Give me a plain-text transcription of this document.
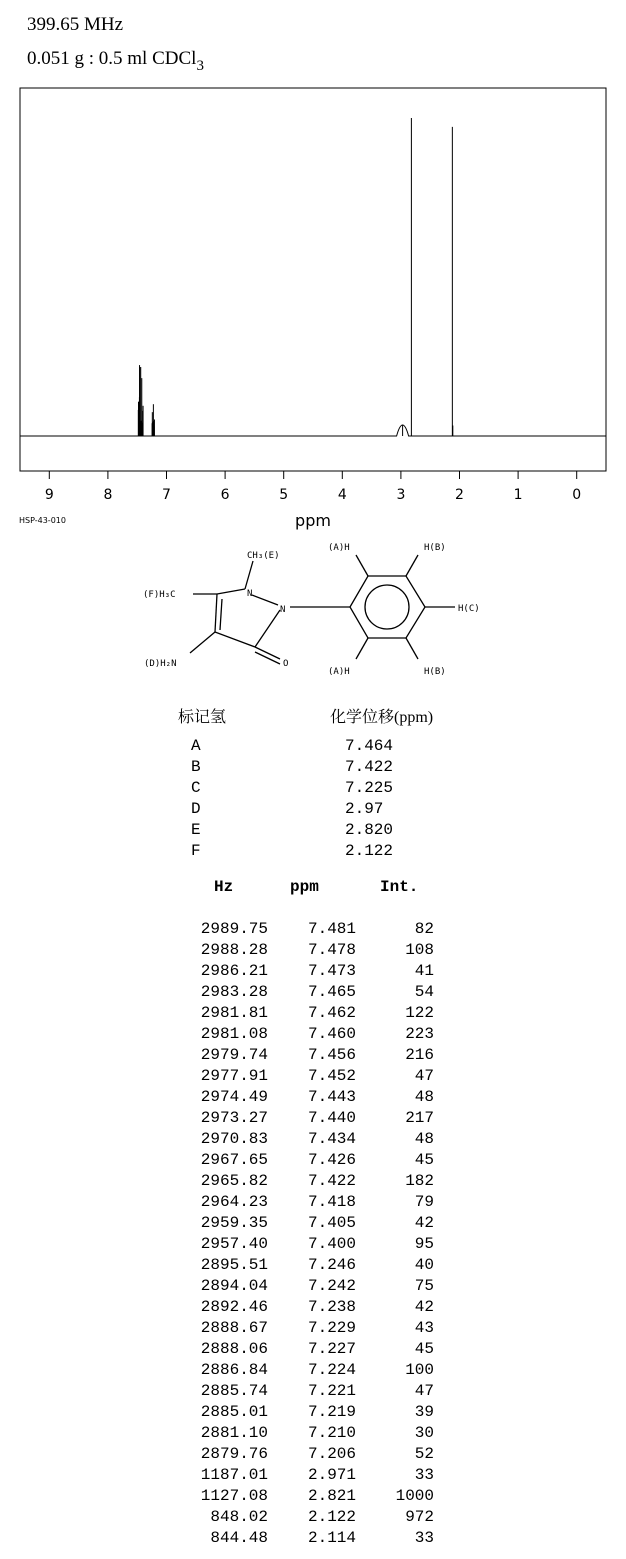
399.65 MHz
0.051 g : 0.5 ml CDCl$_3$
9	8	7	6	5	4	3	2	1	0
ppm
HSP-43-010
CH₃(E)
(F)H₃C
(D)H₂N
N
N
O
(A)H
(A)H
H(B)
H(B)
H(C)
标记氢	化学位移(ppm)
A	7.464
B	7.422
C	7.225
D	2.97
E	2.820
F	2.122
Hz	ppm	Int.
2989.75 7.481	82
2988.28 7.478	108
2986.21 7.473	41
2983.28 7.465	54
2981.81 7.462	122
2981.08 7.460	223
2979.74 7.456	216
2977.91 7.452	47
2974.49 7.443	48
2973.27 7.440	217
2970.83 7.434	48
2967.65 7.426	45
2965.82 7.422	182
2964.23 7.418	79
2959.35 7.405	42
2957.40 7.400	95
2895.51 7.246	40
2894.04 7.242	75
2892.46 7.238	42
2888.67 7.229	43
2888.06 7.227	45
2886.84 7.224	100
2885.74 7.221	47
2885.01 7.219	39
2881.10 7.210	30
2879.76 7.206	52
1187.01 2.971	33
1127.08 2.821 1000
848.02 2.122	972
844.48 2.114	33
